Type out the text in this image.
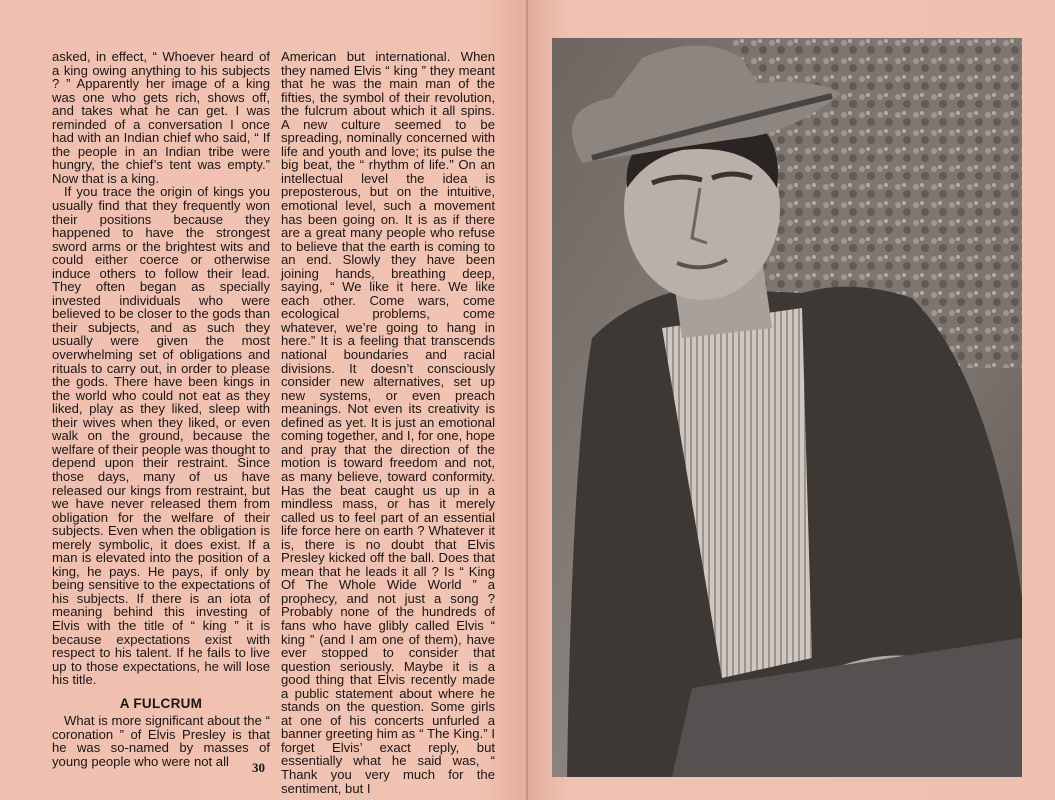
asked, in effect, “ Whoever heard of a king owing anything to his subjects ? ” Apparently her image of a king was one who gets rich, shows off, and takes what he can get. I was reminded of a conversation I once had with an Indian chief who said, “ If the people in an Indian tribe were hungry, the chief’s tent was empty.” Now that is a king.

If you trace the origin of kings you usually find that they frequently won their positions because they happened to have the strongest sword arms or the brightest wits and could either coerce or otherwise induce others to follow their lead. They often began as specially invested individuals who were believed to be closer to the gods than their subjects, and as such they usually were given the most overwhelming set of obligations and rituals to carry out, in order to please the gods. There have been kings in the world who could not eat as they liked, play as they liked, sleep with their wives when they liked, or even walk on the ground, because the welfare of their people was thought to depend upon their restraint. Since those days, many of us have released our kings from restraint, but we have never released them from obligation for the welfare of their subjects. Even when the obligation is merely symbolic, it does exist. If a man is elevated into the position of a king, he pays. He pays, if only by being sensitive to the expectations of his subjects. If there is an iota of meaning behind this investing of Elvis with the title of “ king ” it is because expectations exist with respect to his talent. If he fails to live up to those expectations, he will lose his title.

A FULCRUM

What is more significant about the “ coronation ” of Elvis Presley is that he was so-named by masses of young people who were not all

American but international. When they named Elvis “ king ” they meant that he was the main man of the fifties, the symbol of their revolution, the fulcrum about which it all spins. A new culture seemed to be spreading, nominally concerned with life and youth and love; its pulse the big beat, the “ rhythm of life.” On an intellectual level the idea is preposterous, but on the intuitive, emotional level, such a movement has been going on. It is as if there are a great many people who refuse to believe that the earth is coming to an end. Slowly they have been joining hands, breathing deep, saying, “ We like it here. We like each other. Come wars, come ecological problems, come whatever, we’re going to hang in here.” It is a feeling that transcends national boundaries and racial divisions. It doesn’t consciously consider new alternatives, set up new systems, or even preach meanings. Not even its creativity is defined as yet. It is just an emotional coming together, and I, for one, hope and pray that the direction of the motion is toward freedom and not, as many believe, toward conformity. Has the beat caught us up in a mindless mass, or has it merely called us to feel part of an essential life force here on earth ? Whatever it is, there is no doubt that Elvis Presley kicked off the ball. Does that mean that he leads it all ? Is “ King Of The Whole Wide World ” a prophecy, and not just a song ? Probably none of the hundreds of fans who have glibly called Elvis “ king ” (and I am one of them), have ever stopped to consider that question seriously. Maybe it is a good thing that Elvis recently made a public statement about where he stands on the question. Some girls at one of his concerts unfurled a banner greeting him as “ The King.” I forget Elvis’ exact reply, but essentially what he said was, “ Thank you very much for the sentiment, but I

30
